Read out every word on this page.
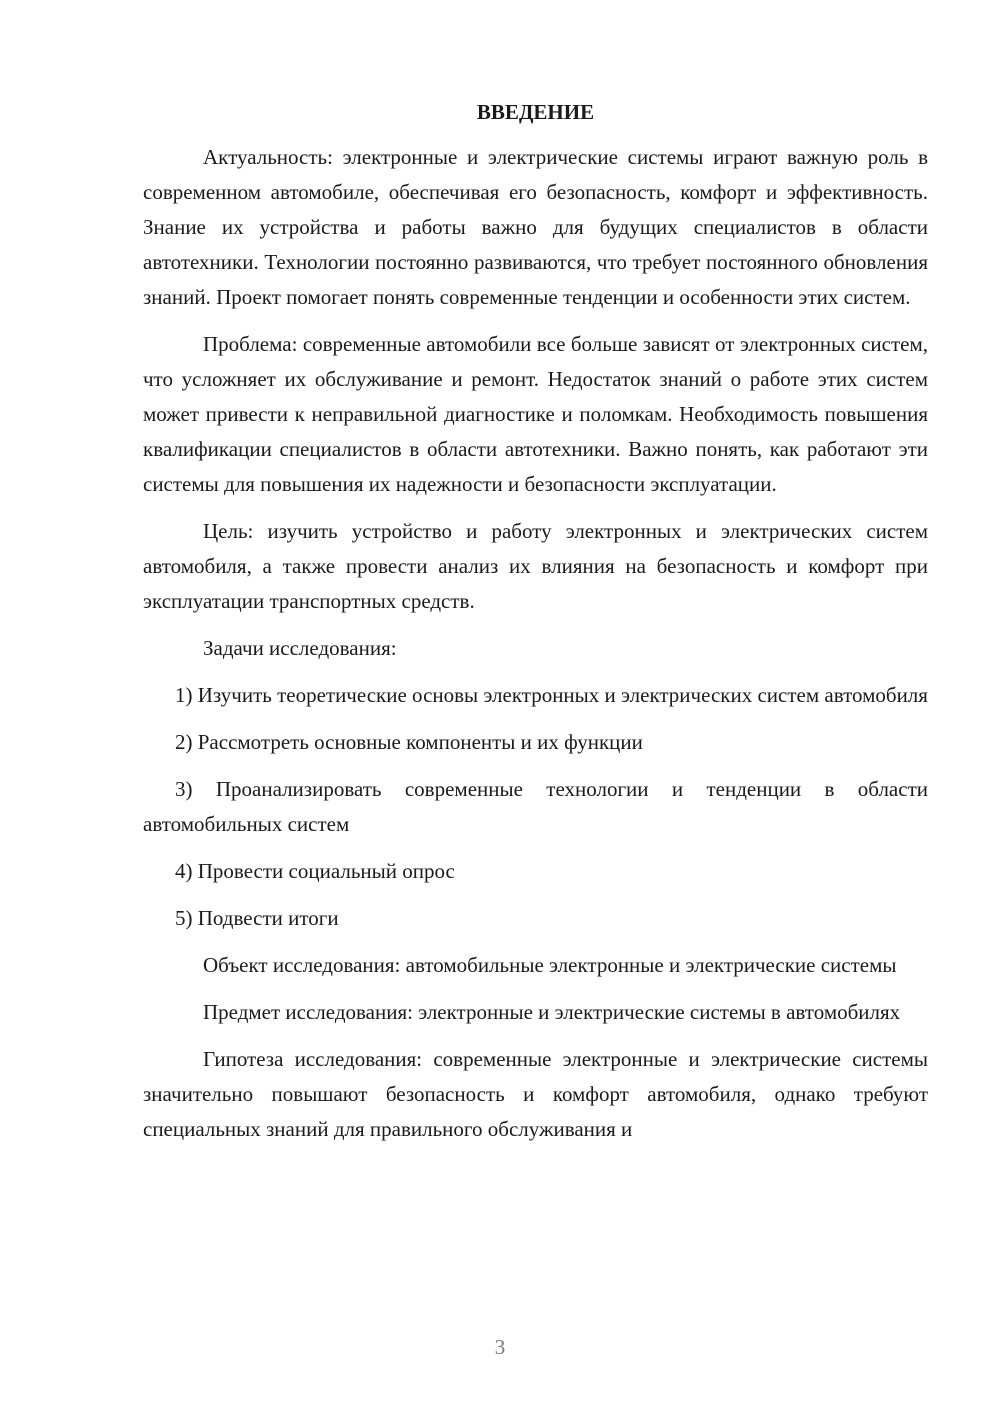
ВВЕДЕНИЕ

Актуальность: электронные и электрические системы играют важную роль в современном автомобиле, обеспечивая его безопасность, комфорт и эффективность. Знание их устройства и работы важно для будущих специалистов в области автотехники. Технологии постоянно развиваются, что требует постоянного обновления знаний. Проект помогает понять современные тенденции и особенности этих систем.

Проблема: современные автомобили все больше зависят от электронных систем, что усложняет их обслуживание и ремонт. Недостаток знаний о работе этих систем может привести к неправильной диагностике и поломкам. Необходимость повышения квалификации специалистов в области автотехники. Важно понять, как работают эти системы для повышения их надежности и безопасности эксплуатации.

Цель: изучить устройство и работу электронных и электрических систем автомобиля, а также провести анализ их влияния на безопасность и комфорт при эксплуатации транспортных средств.

Задачи исследования:

1) Изучить теоретические основы электронных и электрических систем автомобиля

2) Рассмотреть основные компоненты и их функции

3) Проанализировать современные технологии и тенденции в области автомобильных систем

4) Провести социальный опрос

5) Подвести итоги

Объект исследования: автомобильные электронные и электрические системы

Предмет исследования: электронные и электрические системы в автомобилях

Гипотеза исследования: современные электронные и электрические системы значительно повышают безопасность и комфорт автомобиля, однако требуют специальных знаний для правильного обслуживания и

3
